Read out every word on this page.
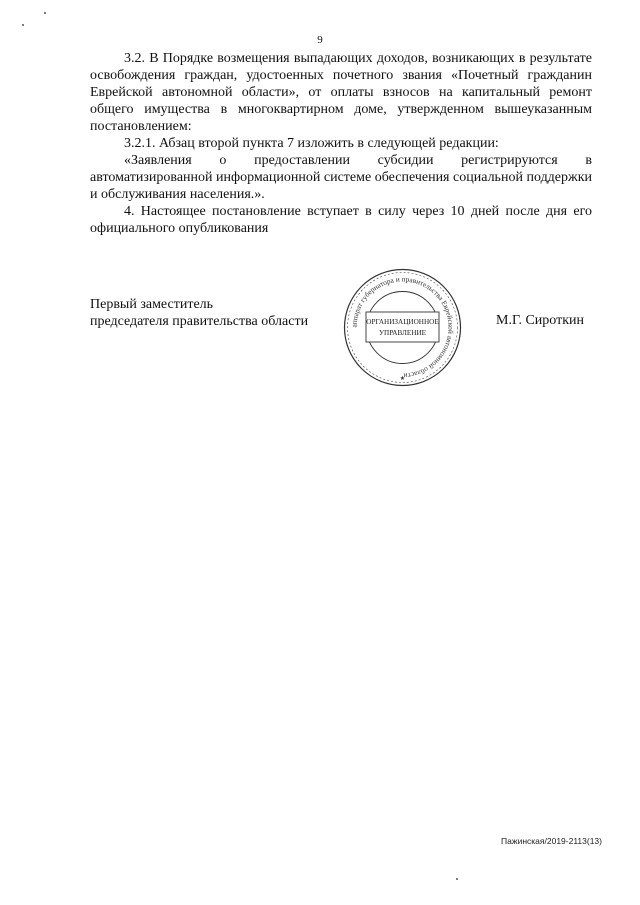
9

3.2. В Порядке возмещения выпадающих доходов, возникающих в результате освобождения граждан, удостоенных почетного звания «Почетный гражданин Еврейской автономной области», от оплаты взносов на капитальный ремонт общего имущества в многоквартирном доме, утвержденном вышеуказанным постановлением:

3.2.1. Абзац второй пункта 7 изложить в следующей редакции:

«Заявления о предоставлении субсидии регистрируются в автоматизированной информационной системе обеспечения социальной поддержки и обслуживания населения.».

4. Настоящее постановление вступает в силу через 10 дней после дня его официального опубликования

Первый заместитель
председателя правительства области	аппарат губернатора и правительства Еврейской автономной области
ОРГАНИЗАЦИОННОЕ
УПРАВЛЕНИЕ
★
М.Г. Сироткин
Пажинская/2019-2113(13)
